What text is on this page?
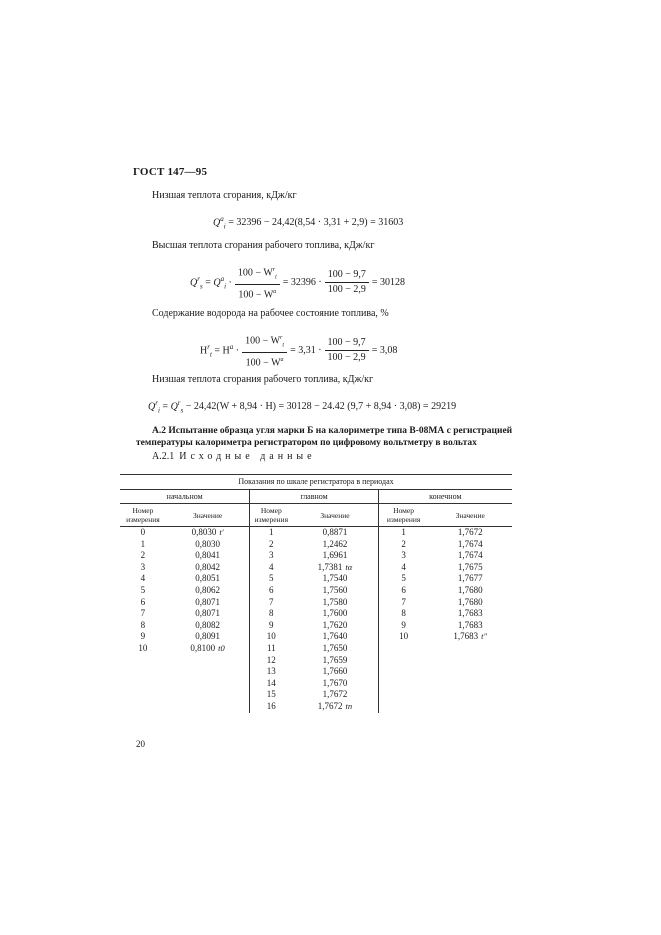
ГОСТ 147—95
Низшая теплота сгорания, кДж/кг
$Q^a_i = 32396 - 24,42(8,54 \cdot 3,31 + 2,9) = 31603$
Высшая теплота сгорания рабочего топлива, кДж/кг
$Q^r_s = Q^a_i \cdot \frac{100 - W^r_t}{100 - W^a} = 32396 \cdot \frac{100 - 9,7}{100 - 2,9} = 30128$
Содержание водорода на рабочее состояние топлива, %
$H^r_t = H^a \cdot \frac{100 - W^r_t}{100 - W^a} = 3,31 \cdot \frac{100 - 9,7}{100 - 2,9} = 3,08$
Низшая теплота сгорания рабочего топлива, кДж/кг
$Q^r_i = Q^r_s - 24,42(W + 8,94 \cdot H) = 30128 - 24.42$ (9,7 + 8,94 · 3,08) = 29219
А.2 Испытание образца угля марки Б на калориметре типа В-08МА с регистрацией
температуры калориметра регистратором по цифровому вольтметру в вольтах
А.2.1 Исходные данные
Показания по шкале регистратора в периодах					
начальном		главном		конечном	
Номер измерения	Значение	Номер измерения	Значение	Номер измерения	Значение
0	0,8030 t′	1	0,8871	1	1,7672
1	0,8030	2	1,2462	2	1,7674
2	0,8041	3	1,6961	3	1,7674
3	0,8042	4	1,7381 tα	4	1,7675
4	0,8051	5	1,7540	5	1,7677
5	0,8062	6	1,7560	6	1,7680
6	0,8071	7	1,7580	7	1,7680
7	0,8071	8	1,7600	8	1,7683
8	0,8082	9	1,7620	9	1,7683
9	0,8091	10	1,7640	10	1,7683 t″
10	0,8100 t0	11	1,7650		
		12	1,7659		
		13	1,7660		
		14	1,7670		
		15	1,7672		
		16	1,7672 tn		
20
